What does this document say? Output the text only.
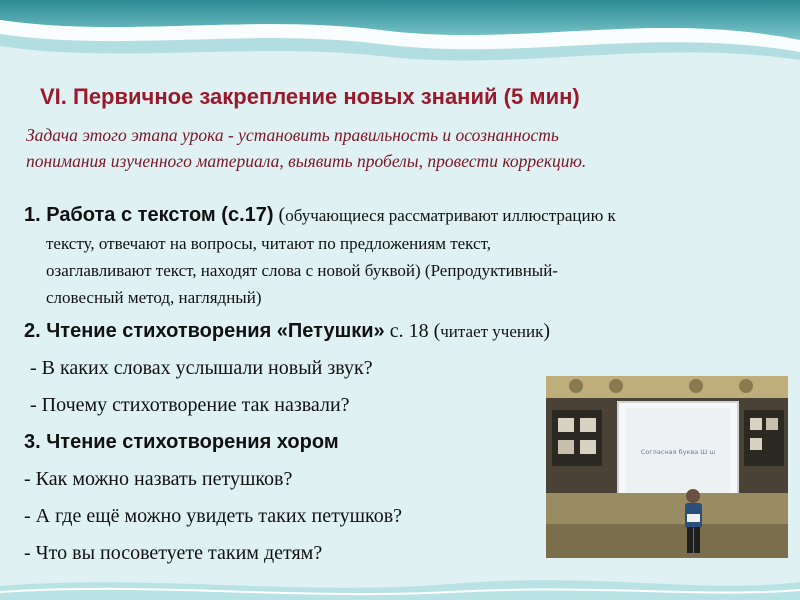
VI. Первичное закрепление новых знаний (5 мин)
Задача этого этапа урока - установить правильность и осознанность
понимания изученного материала, выявить пробелы, провести коррекцию.
1. Работа с текстом (с.17) (обучающиеся рассматривают иллюстрацию к
тексту, отвечают на вопросы, читают по предложениям текст,
озаглавливают текст, находят слова с новой буквой) (Репродуктивный-
словесный метод, наглядный)
2. Чтение стихотворения «Петушки» с. 18 (читает ученик)
- В каких словах услышали новый звук?
- Почему стихотворение так назвали?
3. Чтение стихотворения хором
- Как можно назвать петушков?
- А где ещё можно увидеть таких петушков?
- Что вы посоветуете таким детям?
Согласная буква Ш ш
